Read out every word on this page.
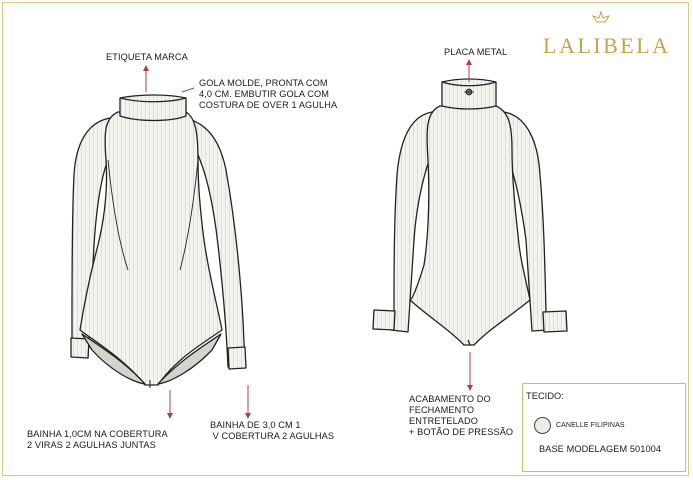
LALIBELA
ETIQUETA MARCA
GOLA MOLDE, PRONTA COM
4,0 CM. EMBUTIR GOLA COM
COSTURA DE OVER 1 AGULHA
PLACA METAL
BAINHA 1,0CM NA COBERTURA
2 VIRAS 2 AGULHAS JUNTAS
BAINHA DE 3,0 CM 1
V COBERTURA 2 AGULHAS
ACABAMENTO DO
FECHAMENTO
ENTRETELADO
+ BOTÃO DE PRESSÃO
TECIDO:
CANELLE FILIPINAS
BASE MODELAGEM 501004
